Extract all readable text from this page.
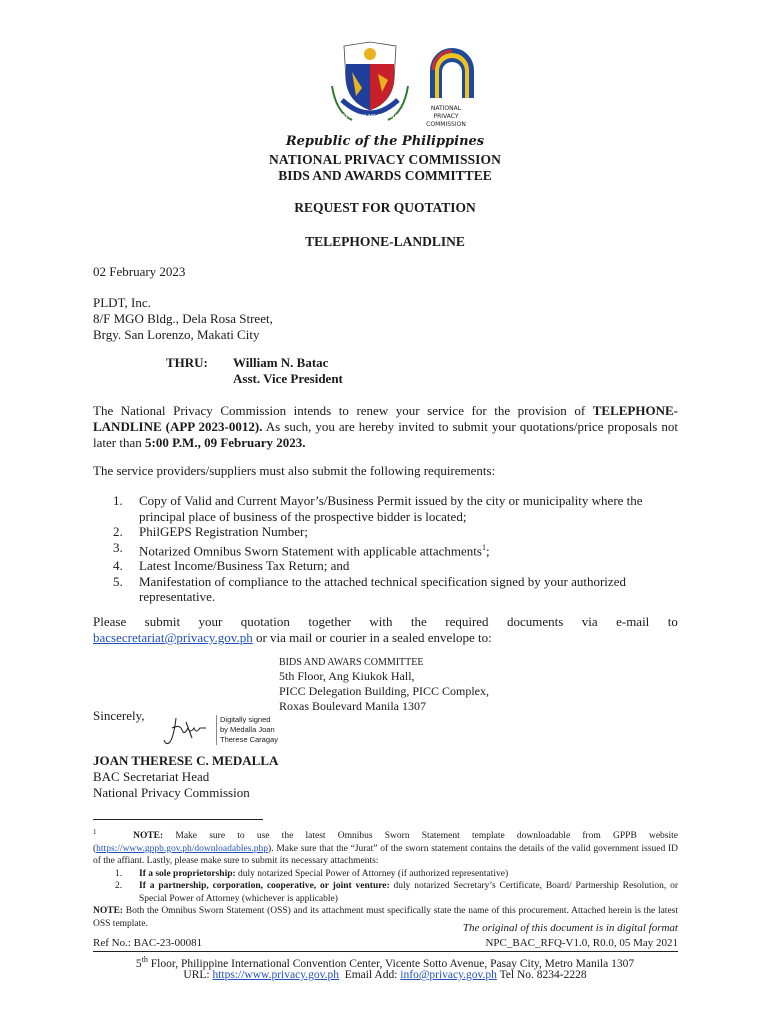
REPUBLIKA NG PILIPINAS
NATIONAL
PRIVACY
COMMISSION
Republic of the Philippines
NATIONAL PRIVACY COMMISSION
BIDS AND AWARDS COMMITTEE
REQUEST FOR QUOTATION
TELEPHONE-LANDLINE
02 February 2023
PLDT, Inc.
8/F MGO Bldg., Dela Rosa Street,
Brgy. San Lorenzo, Makati City
THRU: William N. Batac
Asst. Vice President
The National Privacy Commission intends to renew your service for the provision of TELEPHONE-LANDLINE (APP 2023-0012). As such, you are hereby invited to submit your quotations/price proposals not later than 5:00 P.M., 09 February 2023.
The service providers/suppliers must also submit the following requirements:
1.	Copy of Valid and Current Mayor’s/Business Permit issued by the city or municipality where the principal place of business of the prospective bidder is located;
2.	PhilGEPS Registration Number;
3.	Notarized Omnibus Sworn Statement with applicable attachments$^1$;
4.	Latest Income/Business Tax Return; and
5.	Manifestation of compliance to the attached technical specification signed by your authorized representative.
Please submit your quotation together with the required documents via e-mail to
bacsecretariat@privacy.gov.ph or via mail or courier in a sealed envelope to:
BIDS AND AWARS COMMITTEE
5th Floor, Ang Kiukok Hall,
PICC Delegation Building, PICC Complex,
Roxas Boulevard Manila 1307
Sincerely,	Digitally signed
by Medalla Joan
Therese Caragay
JOAN THERESE C. MEDALLA
BAC Secretariat Head
National Privacy Commission
$^1$	NOTE: Make sure to use the latest Omnibus Sworn Statement template downloadable from GPPB website (https://www.gppb.gov.ph/downloadables.php). Make sure that the “Jurat” of the sworn statement contains the details of the valid government issued ID of the affiant. Lastly, please make sure to submit its necessary attachments:
1.	If a sole proprietorship: duly notarized Special Power of Attorney (if authorized representative)
2.	If a partnership, corporation, cooperative, or joint venture: duly notarized Secretary’s Certificate, Board/ Partnership Resolution, or Special Power of Attorney (whichever is applicable)
NOTE: Both the Omnibus Sworn Statement (OSS) and its attachment must specifically state the name of this procurement. Attached herein is the latest OSS template.	The original of this document is in digital format
Ref No.: BAC-23-00081	NPC_BAC_RFQ-V1.0, R0.0, 05 May 2021
5th Floor, Philippine International Convention Center, Vicente Sotto Avenue, Pasay City, Metro Manila 1307
URL: https://www.privacy.gov.ph  Email Add: info@privacy.gov.ph Tel No. 8234-2228
